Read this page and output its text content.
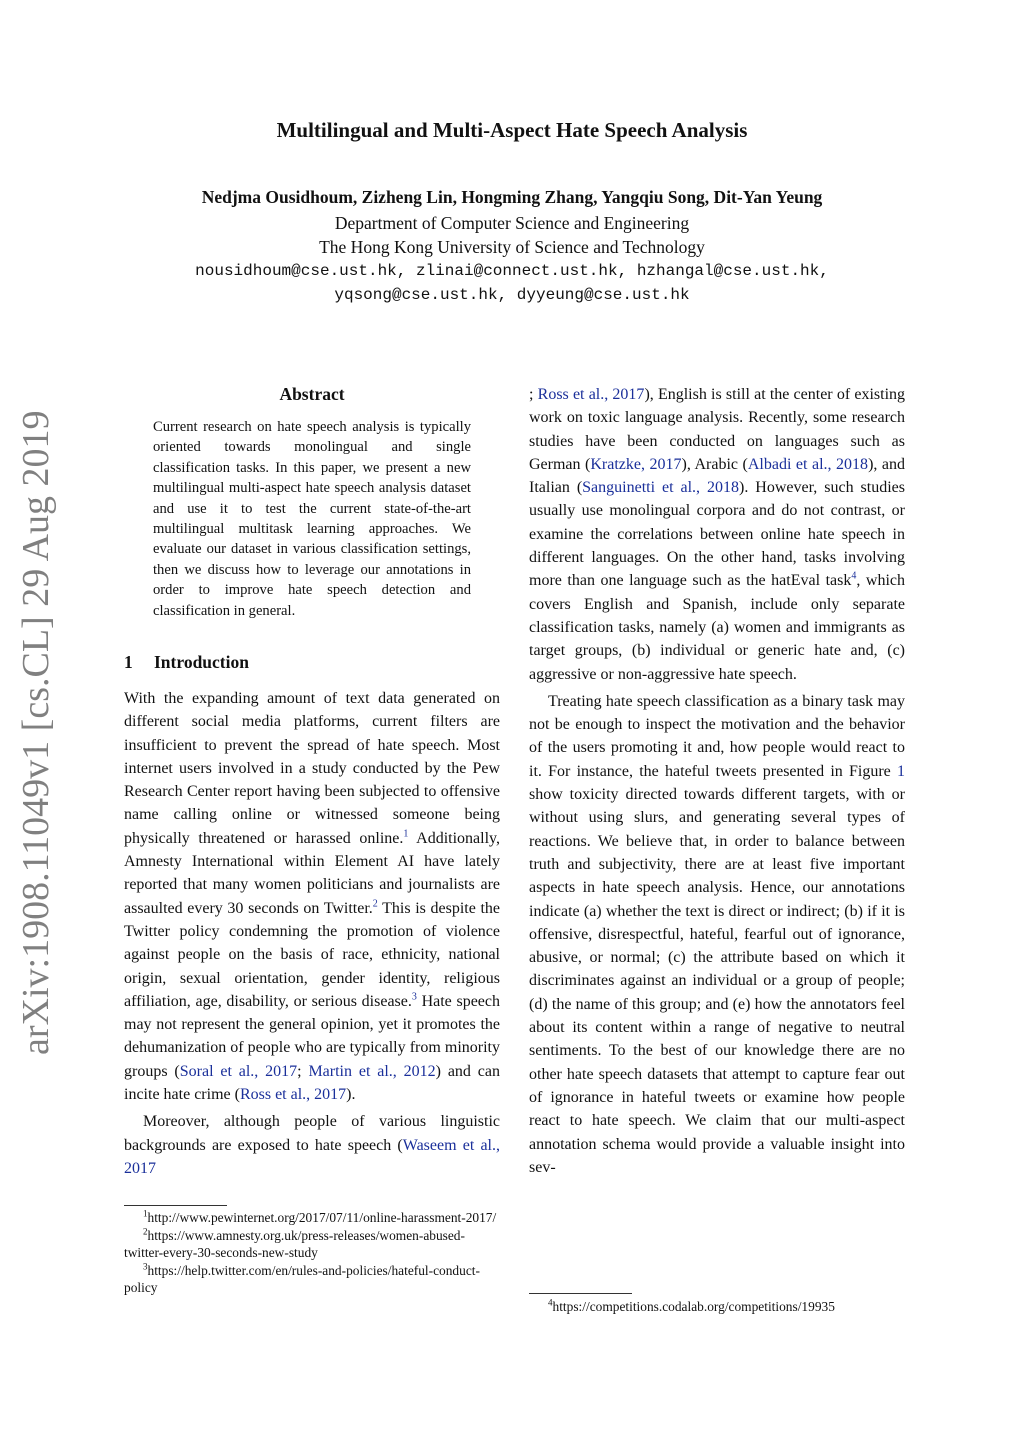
Multilingual and Multi-Aspect Hate Speech Analysis
Nedjma Ousidhoum, Zizheng Lin, Hongming Zhang, Yangqiu Song, Dit-Yan Yeung
Department of Computer Science and Engineering
The Hong Kong University of Science and Technology
nousidhoum@cse.ust.hk, zlinai@connect.ust.hk, hzhangal@cse.ust.hk,
yqsong@cse.ust.hk, dyyeung@cse.ust.hk
arXiv:1908.11049v1 [cs.CL] 29 Aug 2019
Abstract
Current research on hate speech analysis is typically oriented towards monolingual and single classification tasks. In this paper, we present a new multilingual multi-aspect hate speech analysis dataset and use it to test the current state-of-the-art multilingual multitask learning approaches. We evaluate our dataset in various classification settings, then we discuss how to leverage our annotations in order to improve hate speech detection and classification in general.
1 Introduction

With the expanding amount of text data generated on different social media platforms, current filters are insufficient to prevent the spread of hate speech. Most internet users involved in a study conducted by the Pew Research Center report having been subjected to offensive name calling online or witnessed someone being physically threatened or harassed online.$^1$ Additionally, Amnesty International within Element AI have lately reported that many women politicians and journalists are assaulted every 30 seconds on Twitter.$^2$ This is despite the Twitter policy condemning the promotion of violence against people on the basis of race, ethnicity, national origin, sexual orientation, gender identity, religious affiliation, age, disability, or serious disease.$^3$ Hate speech may not represent the general opinion, yet it promotes the dehumanization of people who are typically from minority groups (Soral et al., 2017; Martin et al., 2012) and can incite hate crime (Ross et al., 2017).

Moreover, although people of various linguistic backgrounds are exposed to hate speech (Waseem et al., 2017

$^1$http://www.pewinternet.org/2017/07/11/online-harassment-2017/

$^2$https://www.amnesty.org.uk/press-releases/women-abused-twitter-every-30-seconds-new-study

$^3$https://help.twitter.com/en/rules-and-policies/hateful-conduct-policy

; Ross et al., 2017), English is still at the center of existing work on toxic language analysis. Recently, some research studies have been conducted on languages such as German (Kratzke, 2017), Arabic (Albadi et al., 2018), and Italian (Sanguinetti et al., 2018). However, such studies usually use monolingual corpora and do not contrast, or examine the correlations between online hate speech in different languages. On the other hand, tasks involving more than one language such as the hatEval task$^4$, which covers English and Spanish, include only separate classification tasks, namely (a) women and immigrants as target groups, (b) individual or generic hate and, (c) aggressive or non-aggressive hate speech.

Treating hate speech classification as a binary task may not be enough to inspect the motivation and the behavior of the users promoting it and, how people would react to it. For instance, the hateful tweets presented in Figure 1 show toxicity directed towards different targets, with or without using slurs, and generating several types of reactions. We believe that, in order to balance between truth and subjectivity, there are at least five important aspects in hate speech analysis. Hence, our annotations indicate (a) whether the text is direct or indirect; (b) if it is offensive, disrespectful, hateful, fearful out of ignorance, abusive, or normal; (c) the attribute based on which it discriminates against an individual or a group of people; (d) the name of this group; and (e) how the annotators feel about its content within a range of negative to neutral sentiments. To the best of our knowledge there are no other hate speech datasets that attempt to capture fear out of ignorance in hateful tweets or examine how people react to hate speech. We claim that our multi-aspect annotation schema would provide a valuable insight into sev-

$^4$https://competitions.codalab.org/competitions/19935
